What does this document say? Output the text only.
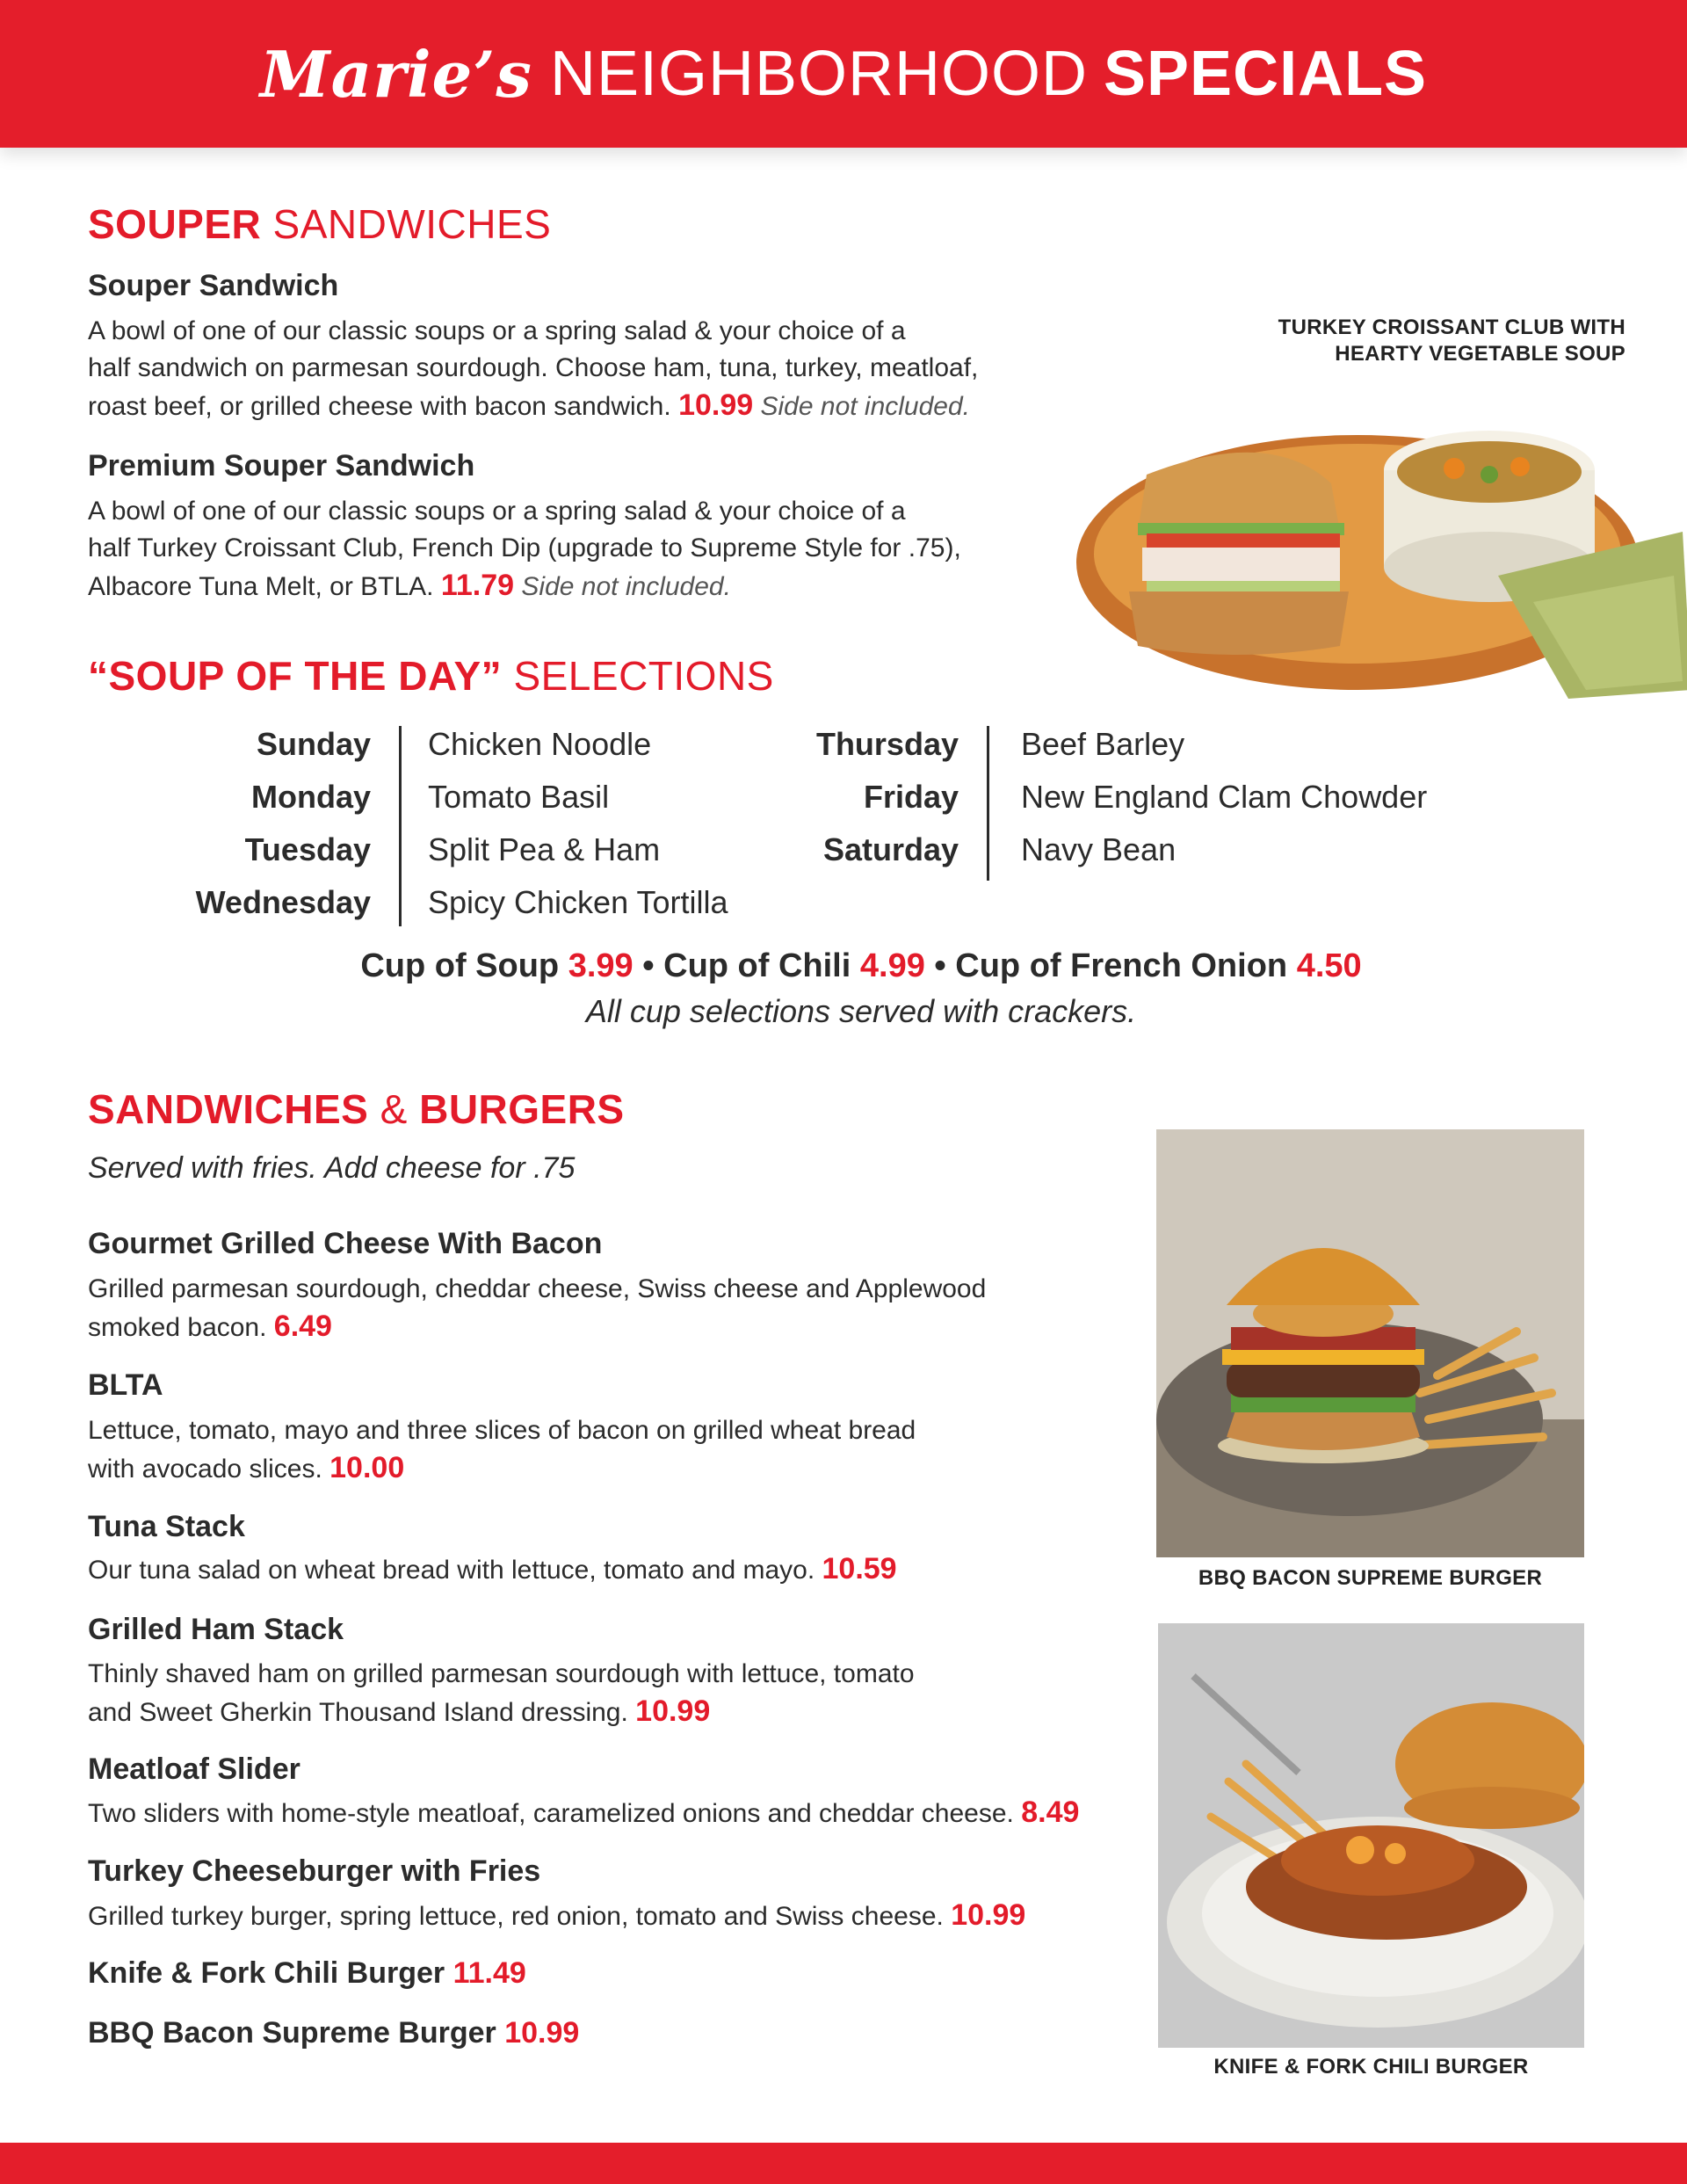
Marie’s NEIGHBORHOOD SPECIALS
SOUPER SANDWICHES
Souper Sandwich
A bowl of one of our classic soups or a spring salad & your choice of a
half sandwich on parmesan sourdough. Choose ham, tuna, turkey, meatloaf,
roast beef, or grilled cheese with bacon sandwich. 10.99 Side not included.
Premium Souper Sandwich
A bowl of one of our classic soups or a spring salad & your choice of a
half Turkey Croissant Club, French Dip (upgrade to Supreme Style for .75),
Albacore Tuna Melt, or BTLA. 11.79 Side not included.
TURKEY CROISSANT CLUB WITH
HEARTY VEGETABLE SOUP
“SOUP OF THE DAY” SELECTIONS
Sunday Chicken Noodle
Monday Tomato Basil
Tuesday Split Pea & Ham
Wednesday Spicy Chicken Tortilla
Thursday Beef Barley
Friday New England Clam Chowder
Saturday Navy Bean
Cup of Soup 3.99 • Cup of Chili 4.99 • Cup of French Onion 4.50
All cup selections served with crackers.
SANDWICHES & BURGERS
Served with fries. Add cheese for .75
Gourmet Grilled Cheese With Bacon
Grilled parmesan sourdough, cheddar cheese, Swiss cheese and Applewood
smoked bacon. 6.49
BLTA
Lettuce, tomato, mayo and three slices of bacon on grilled wheat bread
with avocado slices. 10.00
Tuna Stack
Our tuna salad on wheat bread with lettuce, tomato and mayo. 10.59
Grilled Ham Stack
Thinly shaved ham on grilled parmesan sourdough with lettuce, tomato
and Sweet Gherkin Thousand Island dressing. 10.99
Meatloaf Slider
Two sliders with home-style meatloaf, caramelized onions and cheddar cheese. 8.49
Turkey Cheeseburger with Fries
Grilled turkey burger, spring lettuce, red onion, tomato and Swiss cheese. 10.99
Knife & Fork Chili Burger 11.49
BBQ Bacon Supreme Burger 10.99
BBQ BACON SUPREME BURGER
KNIFE & FORK CHILI BURGER
